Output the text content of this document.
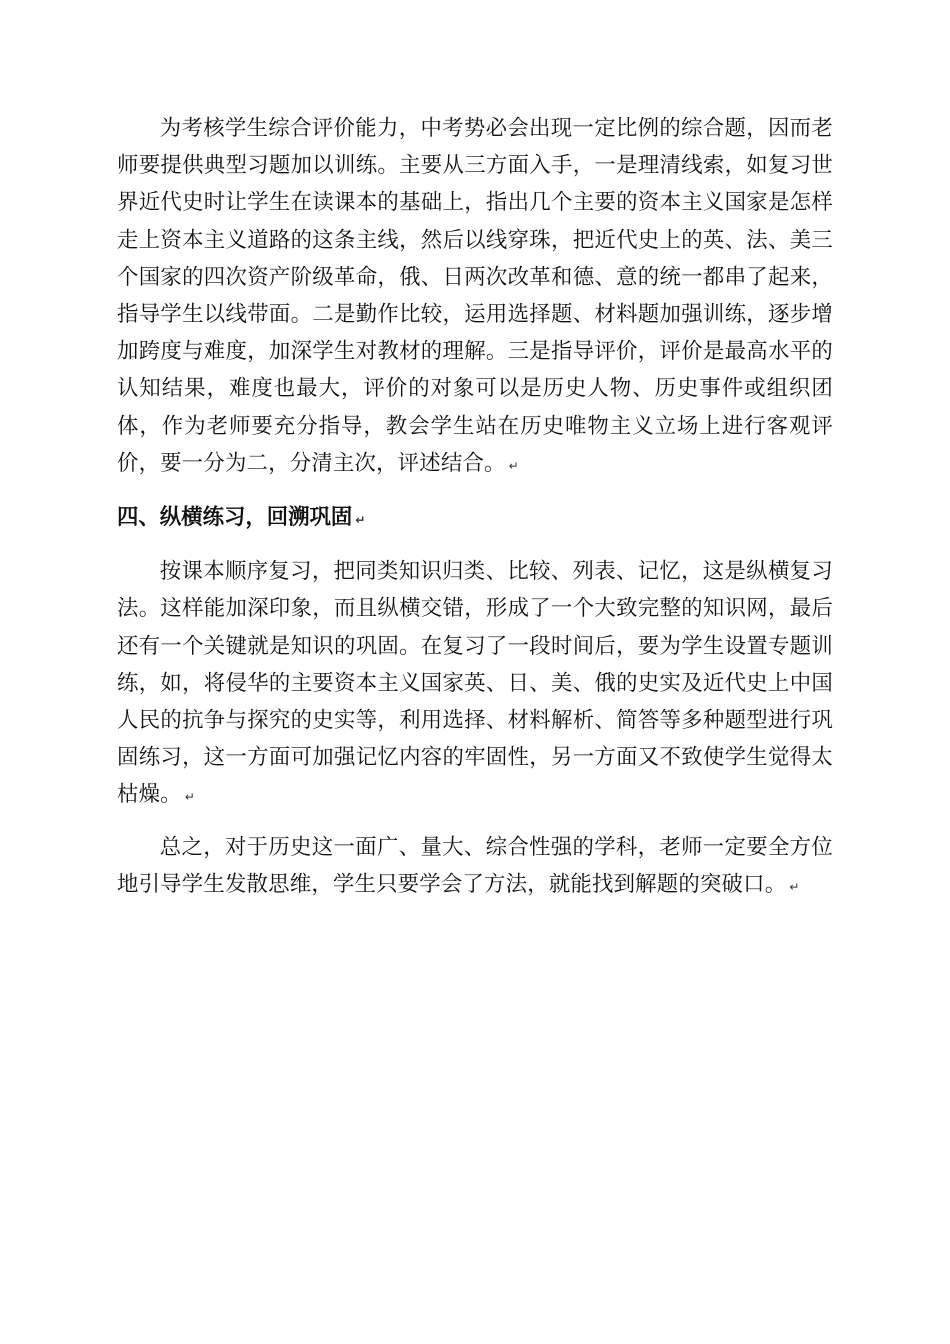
为考核学生综合评价能力，中考势必会出现一定比例的综合题，因而老师要提供典型习题加以训练。主要从三方面入手，一是理清线索，如复习世界近代史时让学生在读课本的基础上，指出几个主要的资本主义国家是怎样走上资本主义道路的这条主线，然后以线穿珠，把近代史上的英、法、美三个国家的四次资产阶级革命，俄、日两次改革和德、意的统一都串了起来，指导学生以线带面。二是勤作比较，运用选择题、材料题加强训练，逐步增加跨度与难度，加深学生对教材的理解。三是指导评价，评价是最高水平的认知结果，难度也最大，评价的对象可以是历史人物、历史事件或组织团体，作为老师要充分指导，教会学生站在历史唯物主义立场上进行客观评价，要一分为二，分清主次，评述结合。 ↵

四、纵横练习，回溯巩固 ↵

按课本顺序复习，把同类知识归类、比较、列表、记忆，这是纵横复习法。这样能加深印象，而且纵横交错，形成了一个大致完整的知识网，最后还有一个关键就是知识的巩固。在复习了一段时间后，要为学生设置专题训练，如，将侵华的主要资本主义国家英、日、美、俄的史实及近代史上中国人民的抗争与探究的史实等，利用选择、材料解析、简答等多种题型进行巩固练习，这一方面可加强记忆内容的牢固性，另一方面又不致使学生觉得太枯燥。 ↵

总之，对于历史这一面广、量大、综合性强的学科，老师一定要全方位地引导学生发散思维，学生只要学会了方法，就能找到解题的突破口。 ↵
